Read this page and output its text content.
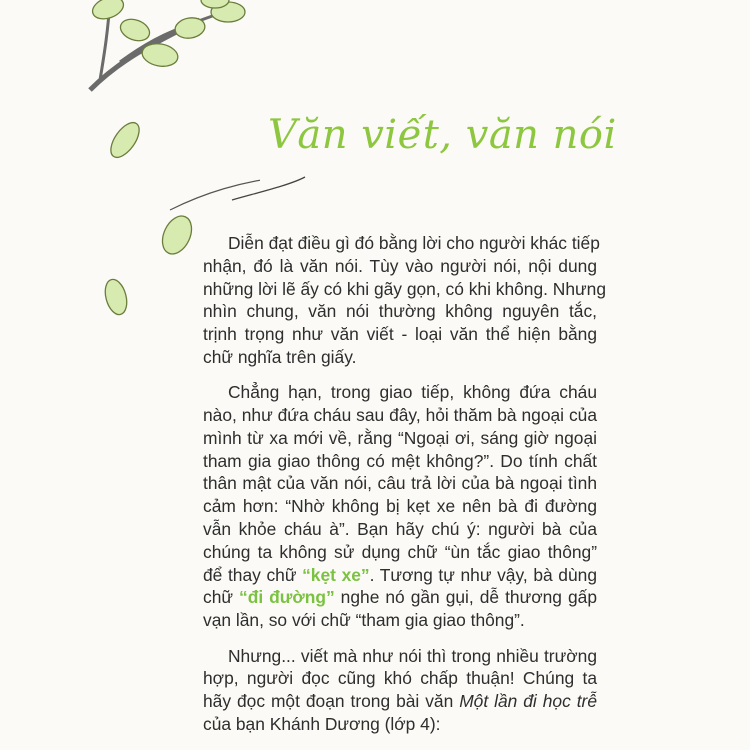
Văn viết, văn nói
Diễn đạt điều gì đó bằng lời cho người khác tiếp
nhận, đó là văn nói. Tùy vào người nói, nội dung
những lời lẽ ấy có khi gãy gọn, có khi không. Nhưng
nhìn chung, văn nói thường không nguyên tắc,
trịnh trọng như văn viết - loại văn thể hiện bằng
chữ nghĩa trên giấy.
Chẳng hạn, trong giao tiếp, không đứa cháu
nào, như đứa cháu sau đây, hỏi thăm bà ngoại của
mình từ xa mới về, rằng “Ngoại ơi, sáng giờ ngoại
tham gia giao thông có mệt không?”. Do tính chất
thân mật của văn nói, câu trả lời của bà ngoại tình
cảm hơn: “Nhờ không bị kẹt xe nên bà đi đường
vẫn khỏe cháu à”. Bạn hãy chú ý: người bà của
chúng ta không sử dụng chữ “ùn tắc giao thông”
để thay chữ “kẹt xe”. Tương tự như vậy, bà dùng
chữ “đi đường” nghe nó gần gụi, dễ thương gấp
vạn lần, so với chữ “tham gia giao thông”.
Nhưng... viết mà như nói thì trong nhiều trường
hợp, người đọc cũng khó chấp thuận! Chúng ta
hãy đọc một đoạn trong bài văn Một lần đi học trễ
của bạn Khánh Dương (lớp 4):
